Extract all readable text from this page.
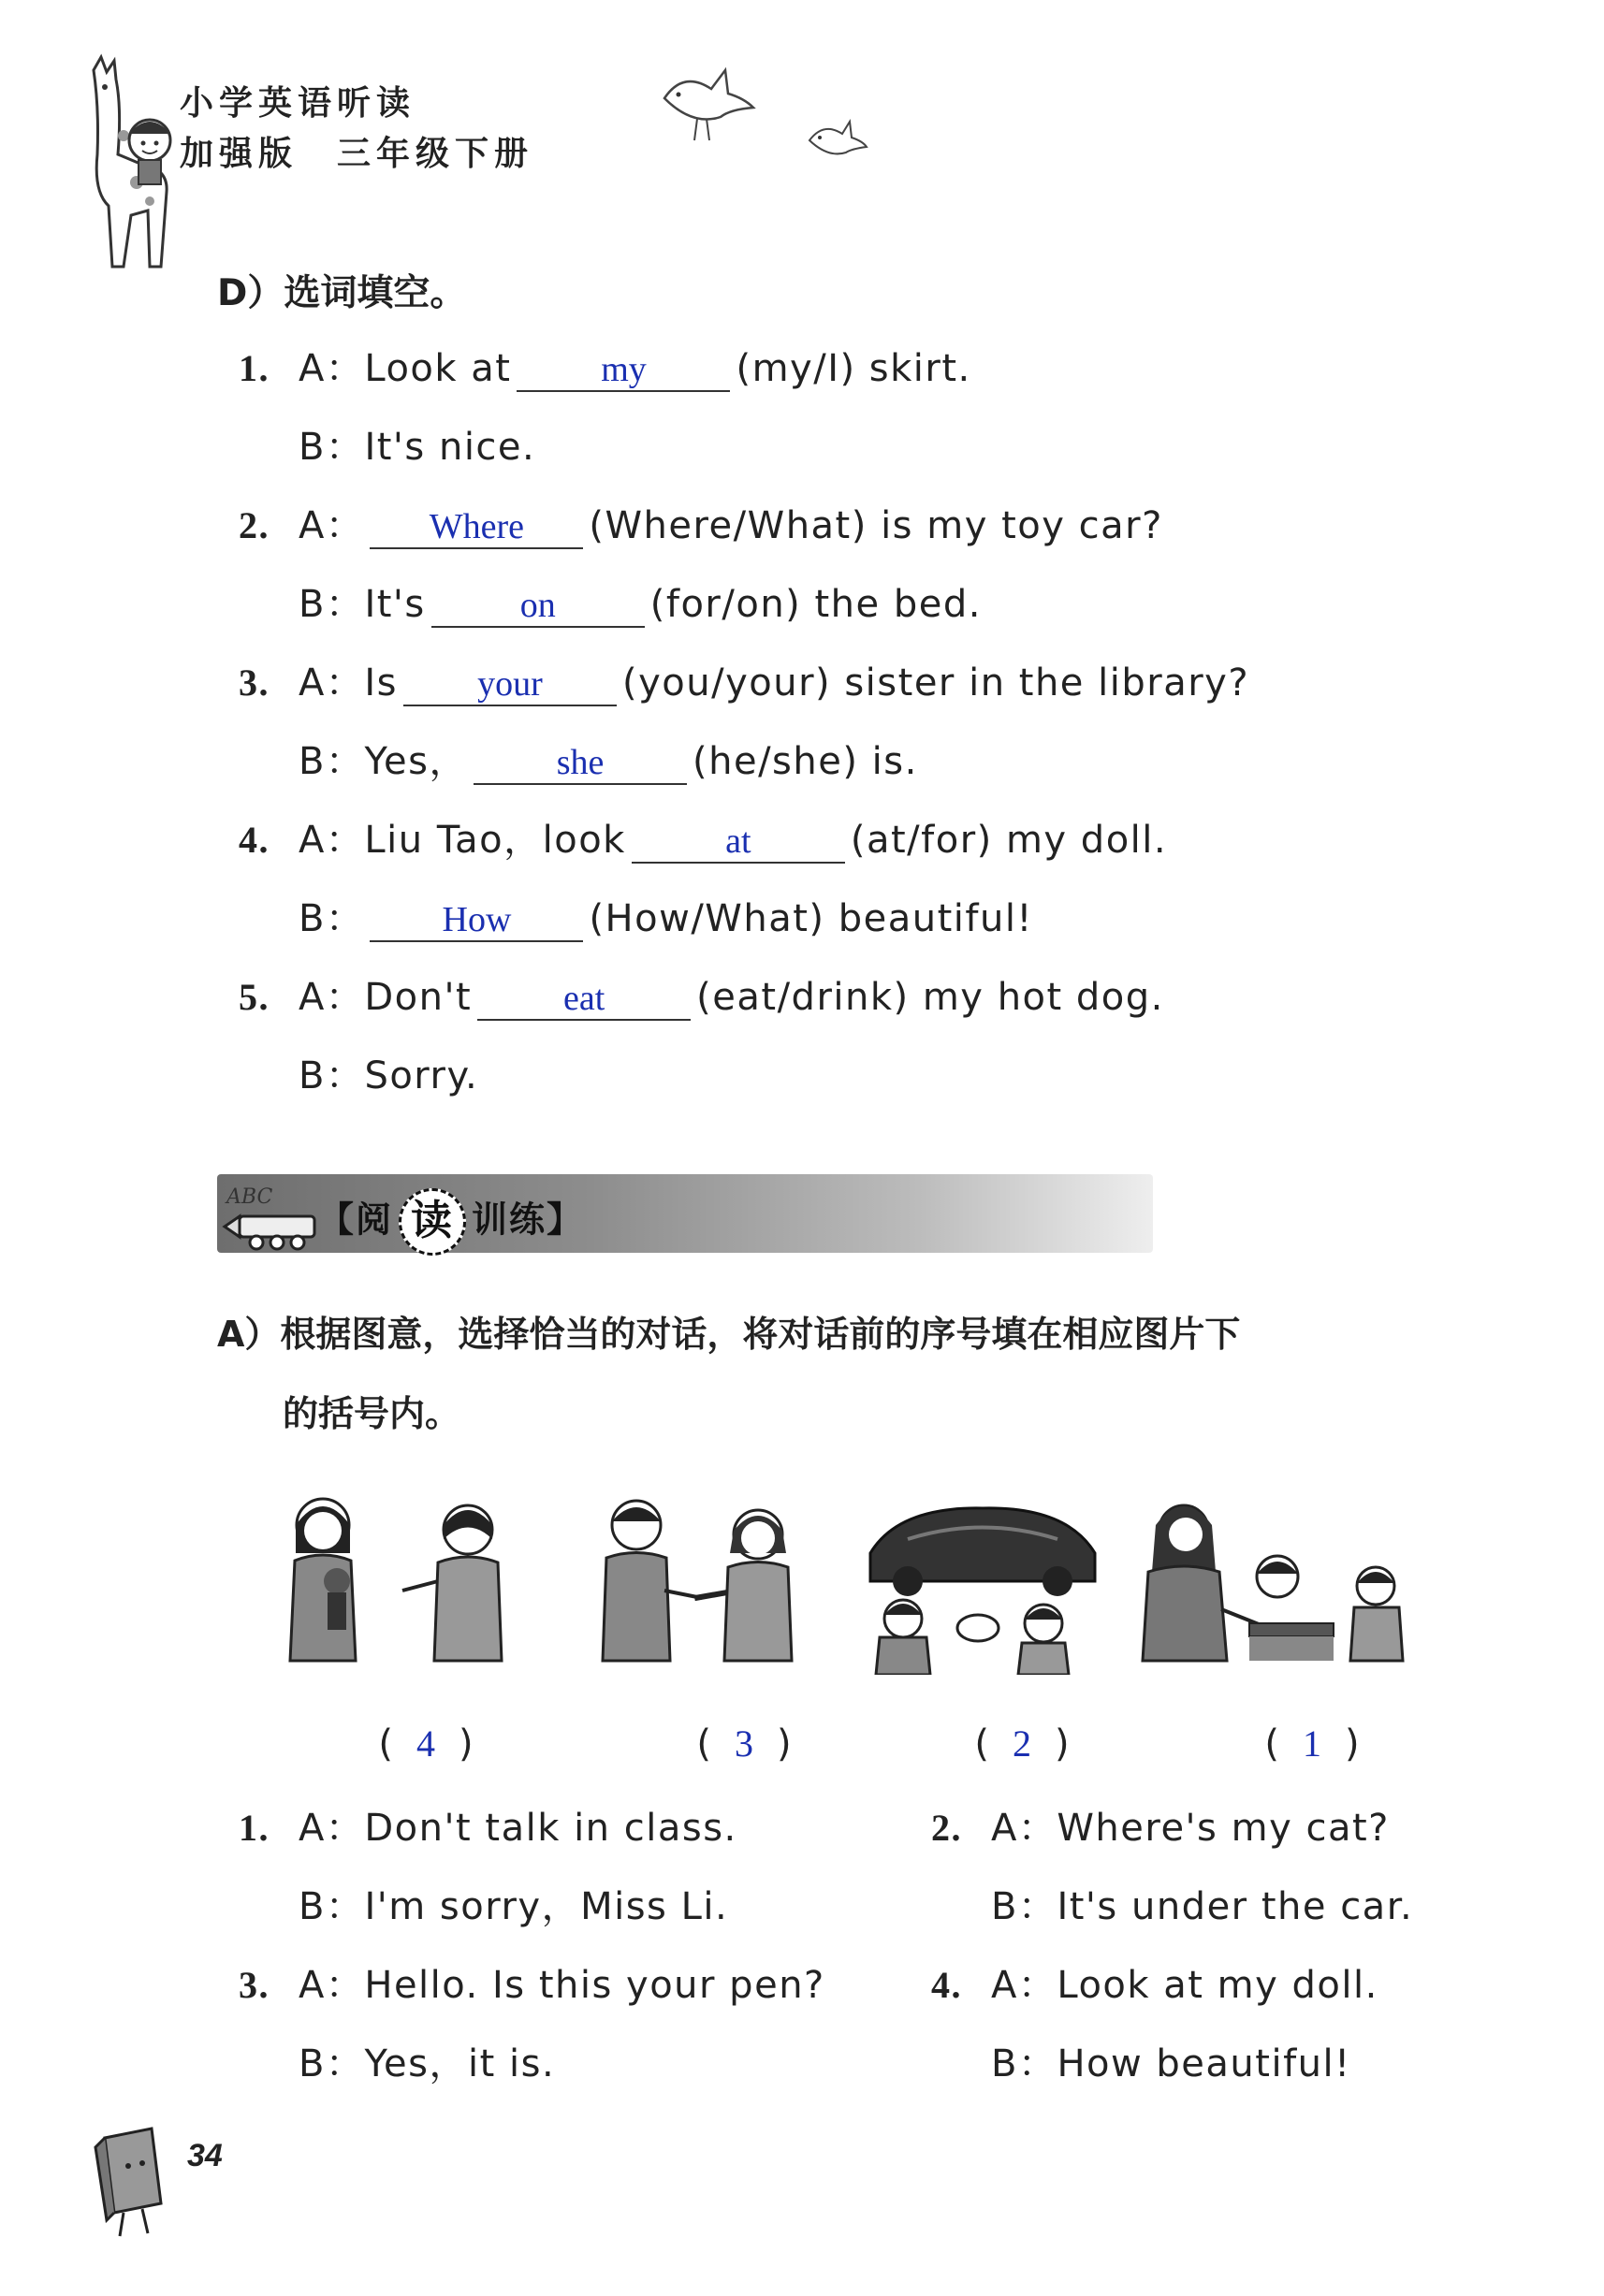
小学英语听读
加强版　三年级下册
D）选词填空。
1. A：Look at	my (my/I) skirt.
B：It's nice.
2. A： Where (Where/What) is my toy car?
B：It's	on	(for/on) the bed.
3. A：Is your (you/your) sister in the library?
B：Yes， she (he/she) is.
4. A：Liu Tao，look	at	(at/for) my doll.
B： How (How/What) beautiful!
5. A：Don't	eat (eat/drink) my hot dog.
B：Sorry.
ABC
【阅 读 训练】
A）根据图意，选择恰当的对话，将对话前的序号填在相应图片下
的括号内。
( 4 )	( 3 )	( 2 )	( 1 )
1. A：Don't talk in class.
B：I'm sorry，Miss Li.
2. A：Where's my cat?
B：It's under the car.
3. A：Hello. Is this your pen?
B：Yes，it is.
4. A：Look at my doll.
B：How beautiful!
34
